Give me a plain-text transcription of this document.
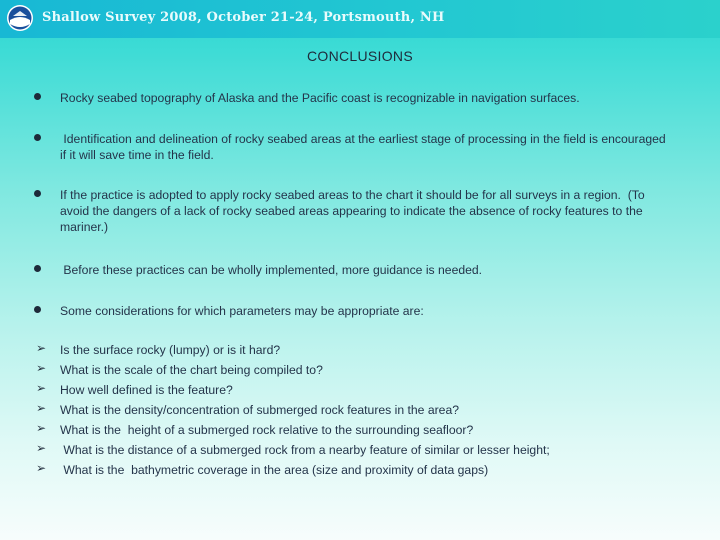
Shallow Survey 2008, October 21-24, Portsmouth, NH
CONCLUSIONS
Rocky seabed topography of Alaska and the Pacific coast is recognizable in navigation surfaces.
Identification and delineation of rocky seabed areas at the earliest stage of processing in the field is encouraged if it will save time in the field.
If the practice is adopted to apply rocky seabed areas to the chart it should be for all surveys in a region.  (To avoid the dangers of a lack of rocky seabed areas appearing to indicate the absence of rocky features to the mariner.)
Before these practices can be wholly implemented, more guidance is needed.
Some considerations for which parameters may be appropriate are:
➢ Is the surface rocky (lumpy) or is it hard?
➢ What is the scale of the chart being compiled to?
➢ How well defined is the feature?
➢ What is the density/concentration of submerged rock features in the area?
➢ What is the  height of a submerged rock relative to the surrounding seafloor?
➢ What is the distance of a submerged rock from a nearby feature of similar or lesser height;
➢ What is the  bathymetric coverage in the area (size and proximity of data gaps)
